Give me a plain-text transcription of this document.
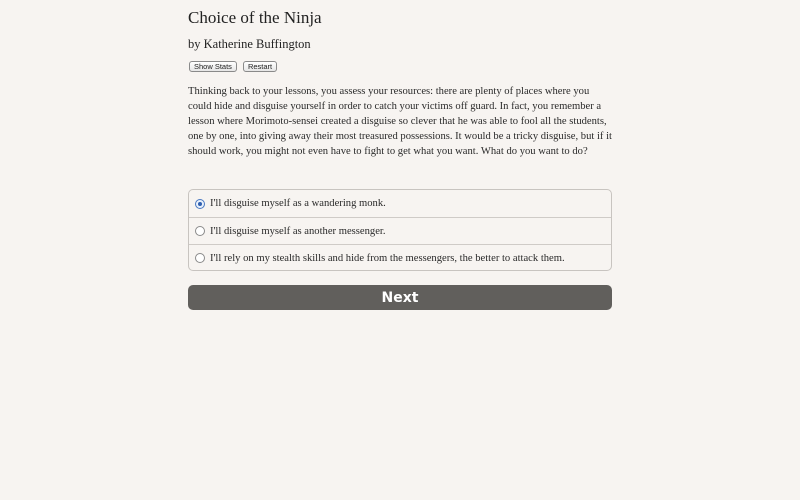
Choice of the Ninja
by Katherine Buffington
Show Stats	Restart

Thinking back to your lessons, you assess your resources: there are plenty of places where you could hide and disguise yourself in order to catch your victims off guard. In fact, you remember a lesson where Morimoto-sensei created a disguise so clever that he was able to fool all the students, one by one, into giving away their most treasured possessions. It would be a tricky disguise, but if it should work, you might not even have to fight to get what you want. What do you want to do?

I'll disguise myself as a wandering monk.
I'll disguise myself as another messenger.
I'll rely on my stealth skills and hide from the messengers, the better to attack them.
Next
